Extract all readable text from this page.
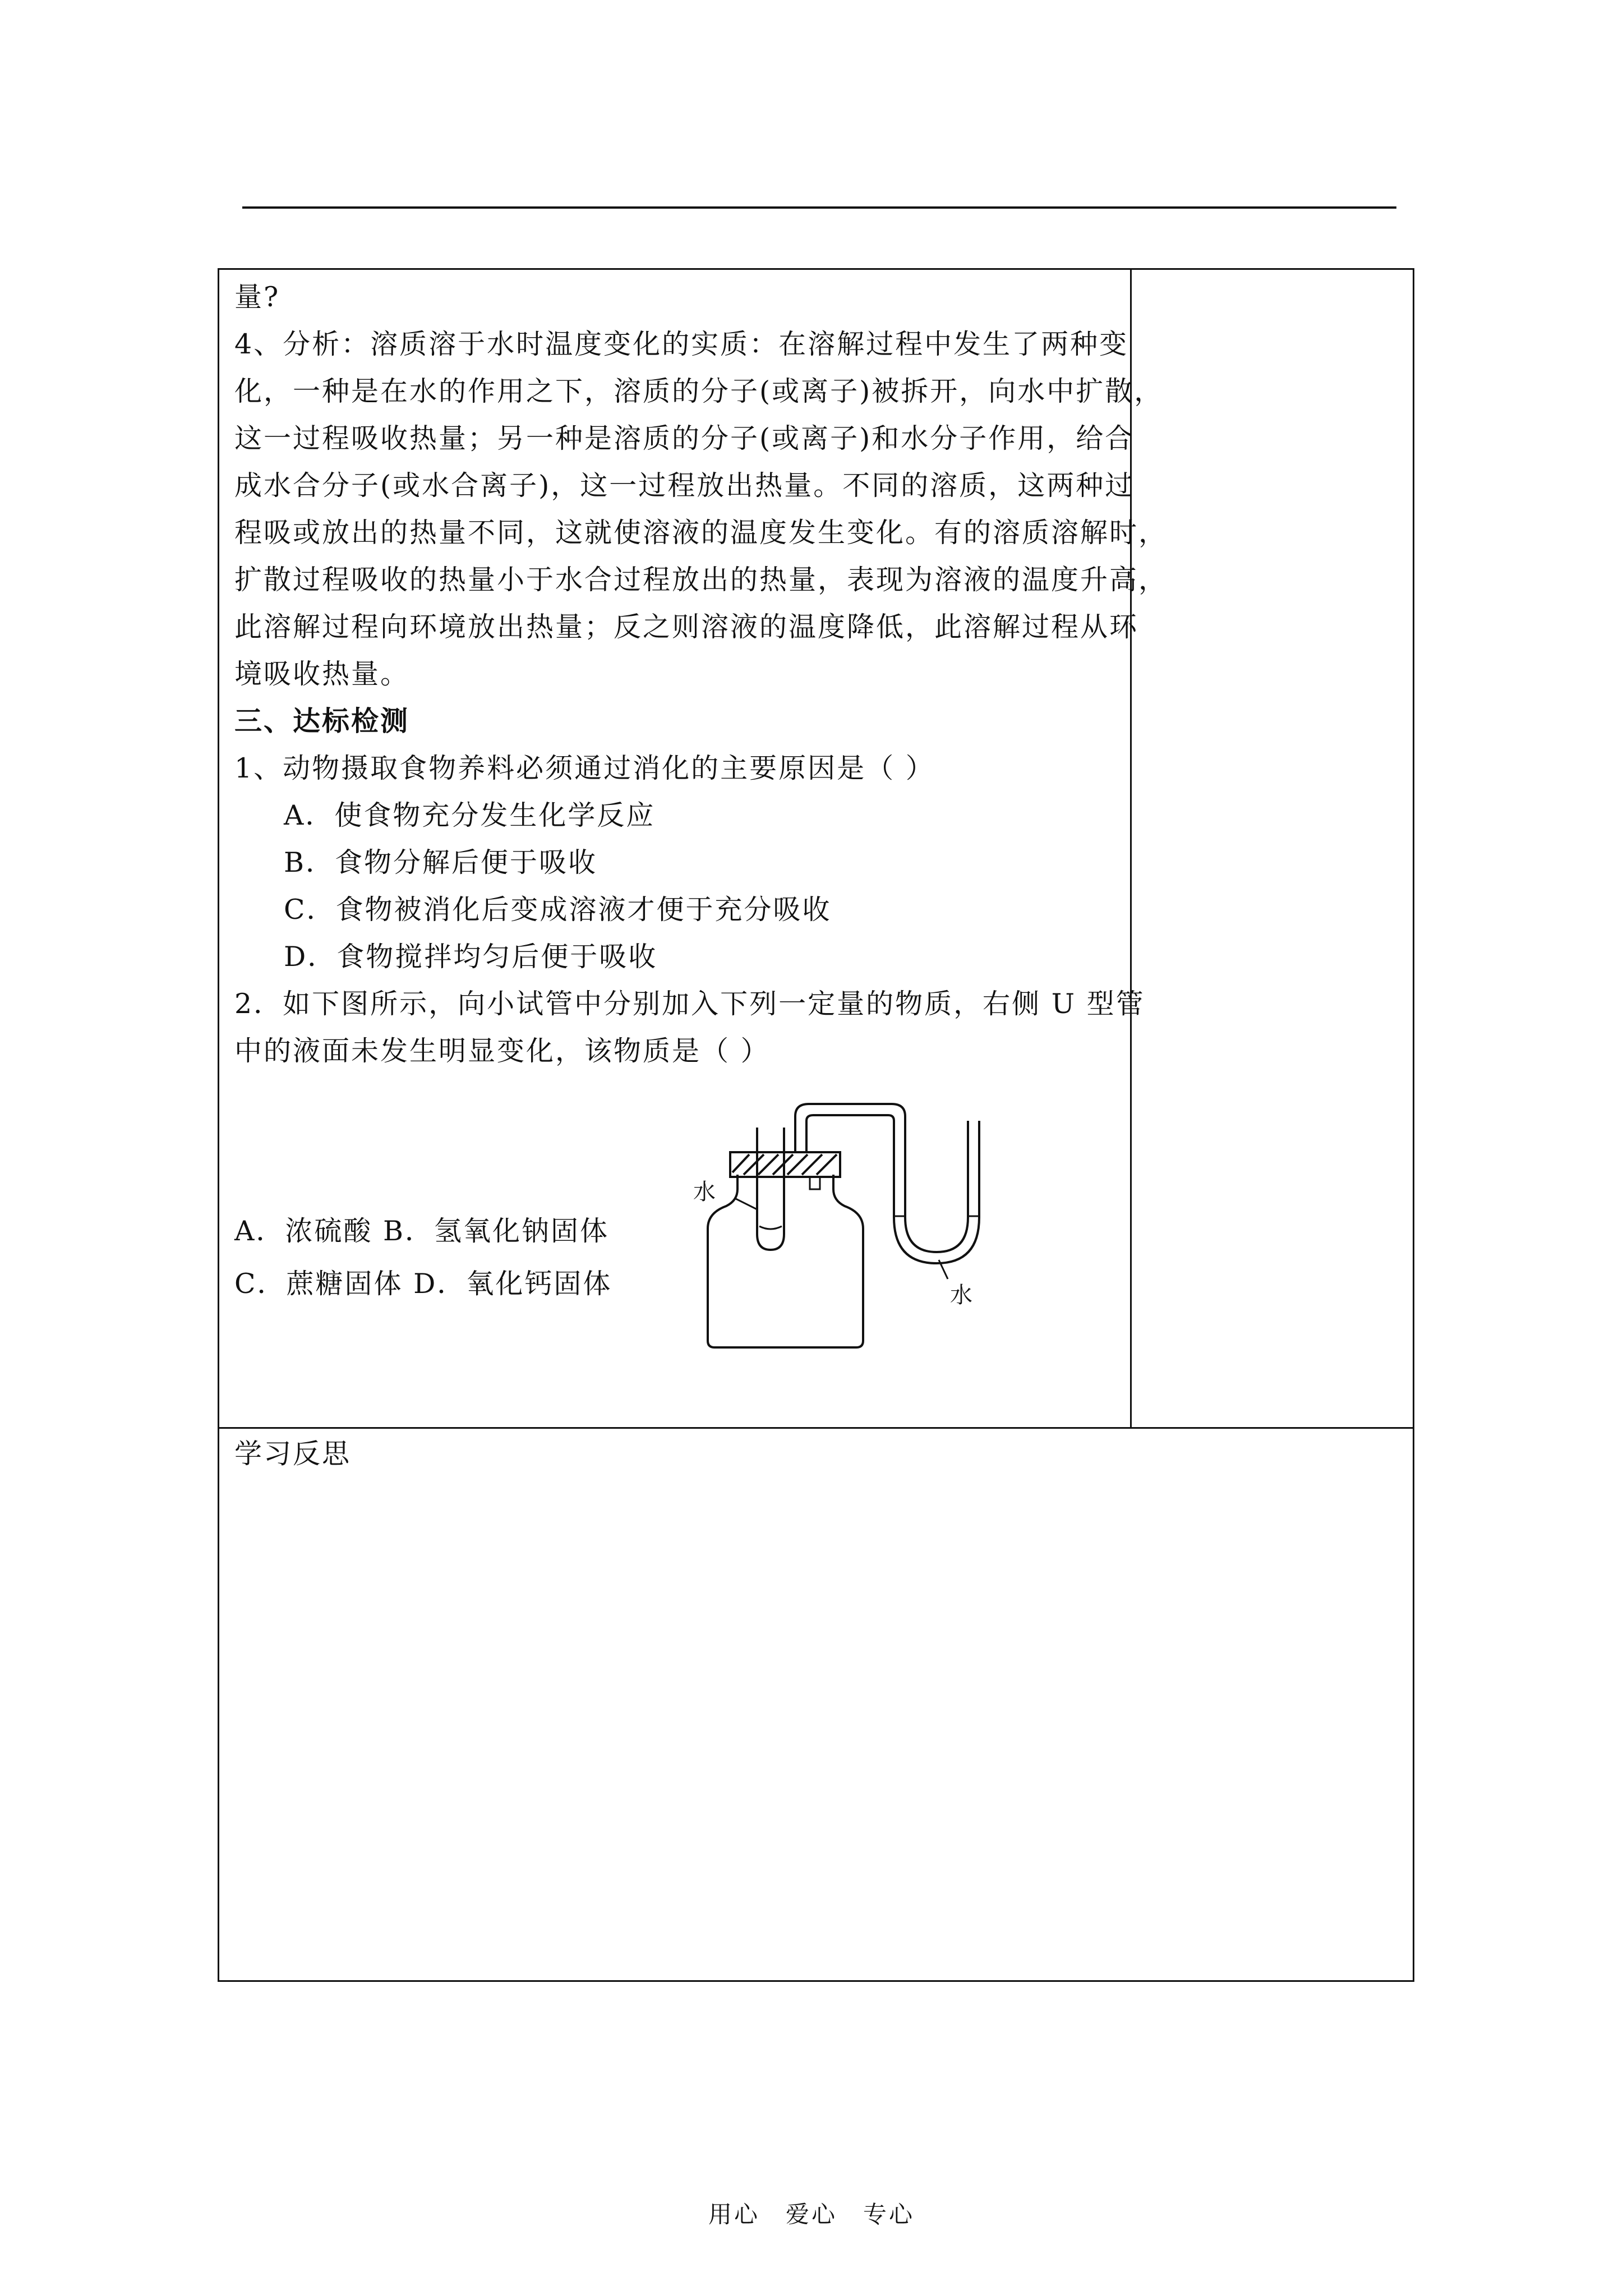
量?
4、分析：溶质溶于水时温度变化的实质：在溶解过程中发生了两种变
化，一种是在水的作用之下，溶质的分子(或离子)被拆开，向水中扩散，
这一过程吸收热量；另一种是溶质的分子(或离子)和水分子作用，给合
成水合分子(或水合离子)，这一过程放出热量。不同的溶质，这两种过
程吸或放出的热量不同，这就使溶液的温度发生变化。有的溶质溶解时，
扩散过程吸收的热量小于水合过程放出的热量，表现为溶液的温度升高，
此溶解过程向环境放出热量；反之则溶液的温度降低，此溶解过程从环
境吸收热量。
三、达标检测
1、动物摄取食物养料必须通过消化的主要原因是（ ）
A．使食物充分发生化学反应
B．食物分解后便于吸收
C．食物被消化后变成溶液才便于充分吸收
D．食物搅拌均匀后便于吸收
2．如下图所示，向小试管中分别加入下列一定量的物质，右侧 U 型管
中的液面未发生明显变化，该物质是（ ）
A．浓硫酸 B．氢氧化钠固体
C．蔗糖固体 D．氧化钙固体
水
水
学习反思
用心　爱心　专心
